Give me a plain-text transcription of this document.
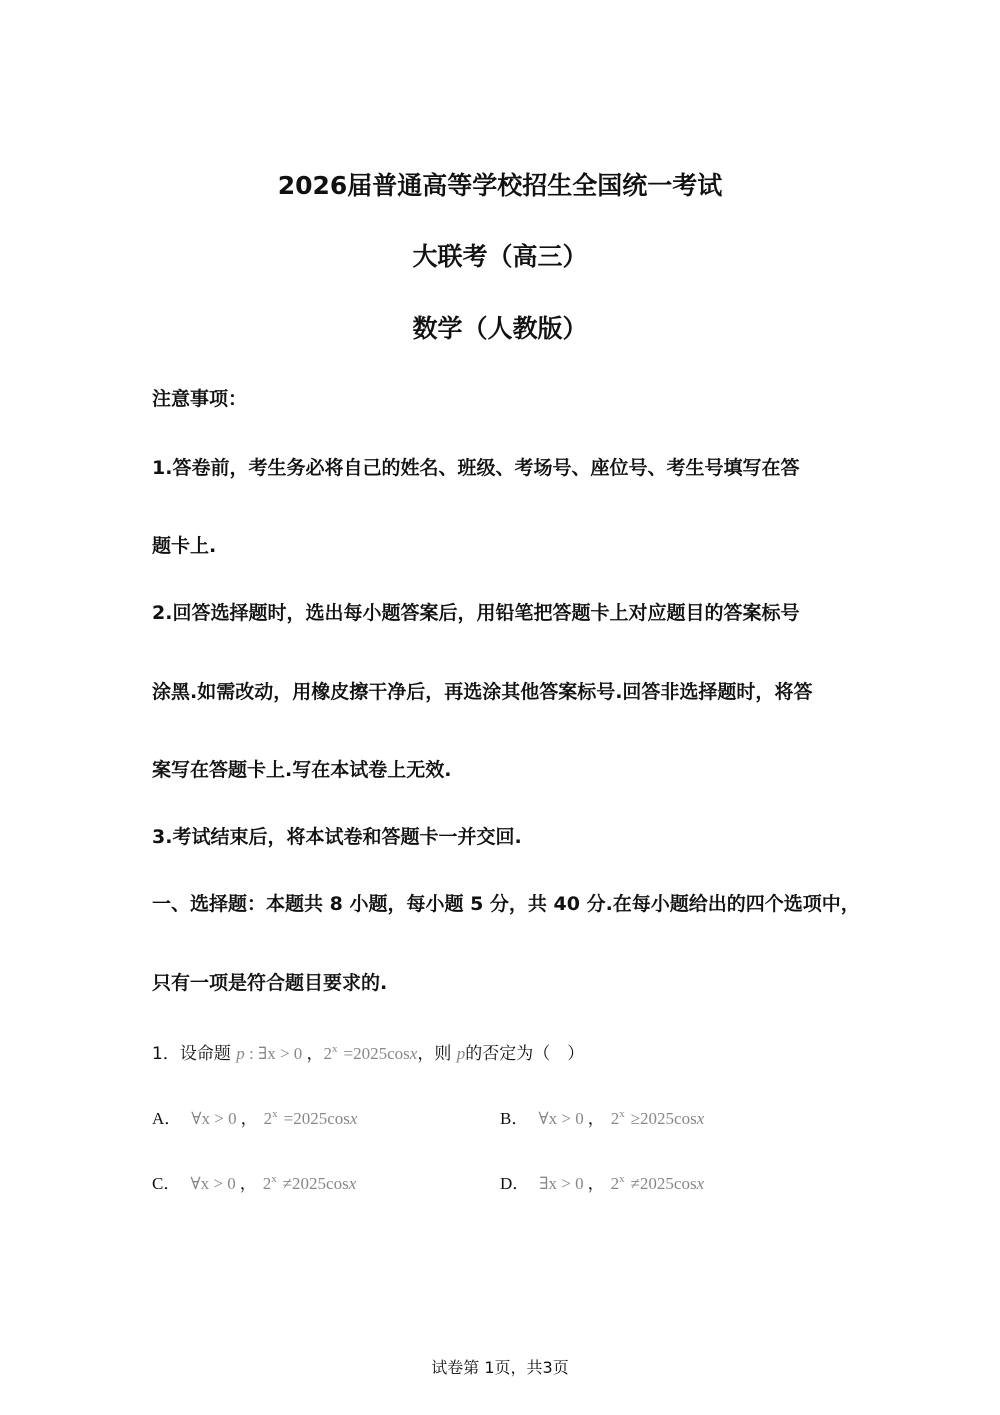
2026届普通高等学校招生全国统一考试
大联考（高三）
数学（人教版）
注意事项：
1.答卷前，考生务必将自己的姓名、班级、考场号、座位号、考生号填写在答
题卡上.
2.回答选择题时，选出每小题答案后，用铅笔把答题卡上对应题目的答案标号
涂黑.如需改动，用橡皮擦干净后，再选涂其他答案标号.回答非选择题时，将答
案写在答题卡上.写在本试卷上无效.
3.考试结束后，将本试卷和答题卡一并交回.
一、选择题：本题共 8 小题，每小题 5 分，共 40 分.在每小题给出的四个选项中，
只有一项是符合题目要求的.
1．设命题 p : ∃x > 0 ，$2^x =2025\cos x$，则 p的否定为（　）
A． ∀x > 0 ， $2^x =2025\cos x$	B． ∀x > 0 ， $2^x \ge 2025\cos x$
C． ∀x > 0 ， $2^x \ne 2025\cos x$	D． ∃x > 0 ， $2^x \ne 2025\cos x$
试卷第 1页，共3页
